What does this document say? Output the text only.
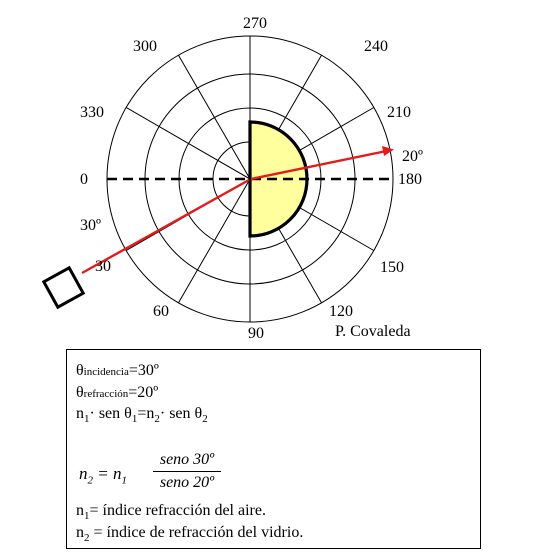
270
240
300
210
330
0	180
30	150
60	120
90
30º
20º
P. Covaleda
θincidencia=30º
θrefracción=20º
$n_1\cdot$ sen $\theta_1=n_2\cdot$ sen $\theta_2$
$n_2 = n_1$
seno 30º
seno 20º
$n_1=$ índice refracción del aire.
$n_2$ = índice de refracción del vidrio.
